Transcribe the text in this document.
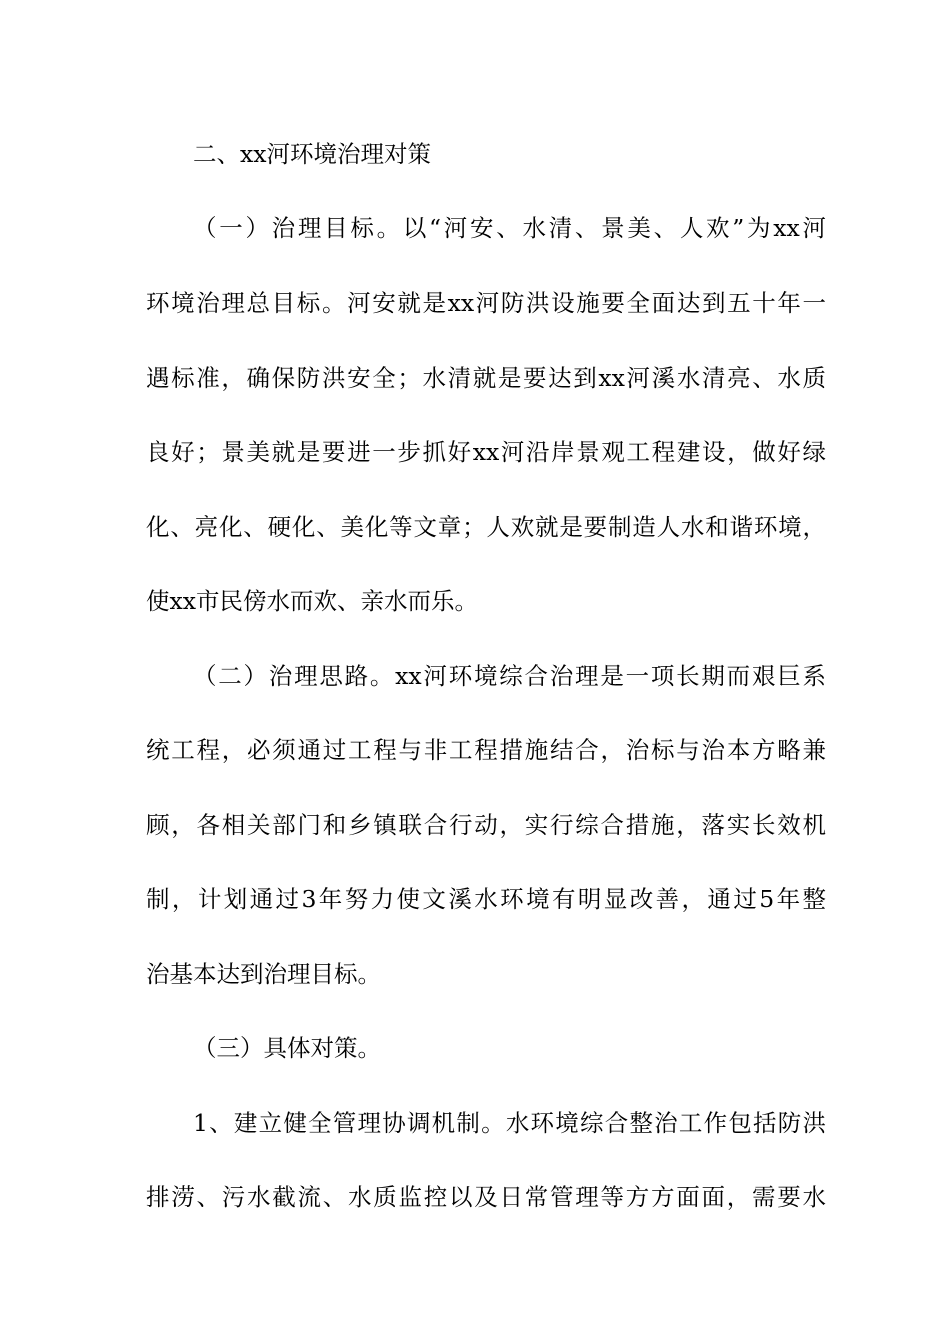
二、xx河环境治理对策
（一）治理目标。以“河安、水清、景美、人欢”为xx河
环境治理总目标。河安就是xx河防洪设施要全面达到五十年一
遇标准，确保防洪安全；水清就是要达到xx河溪水清亮、水质
良好；景美就是要进一步抓好xx河沿岸景观工程建设，做好绿
化、亮化、硬化、美化等文章；人欢就是要制造人水和谐环境，
使xx市民傍水而欢、亲水而乐。
（二）治理思路。xx河环境综合治理是一项长期而艰巨系
统工程，必须通过工程与非工程措施结合，治标与治本方略兼
顾，各相关部门和乡镇联合行动，实行综合措施，落实长效机
制，计划通过3年努力使文溪水环境有明显改善，通过5年整
治基本达到治理目标。
（三）具体对策。
1、建立健全管理协调机制。水环境综合整治工作包括防洪
排涝、污水截流、水质监控以及日常管理等方方面面，需要水
